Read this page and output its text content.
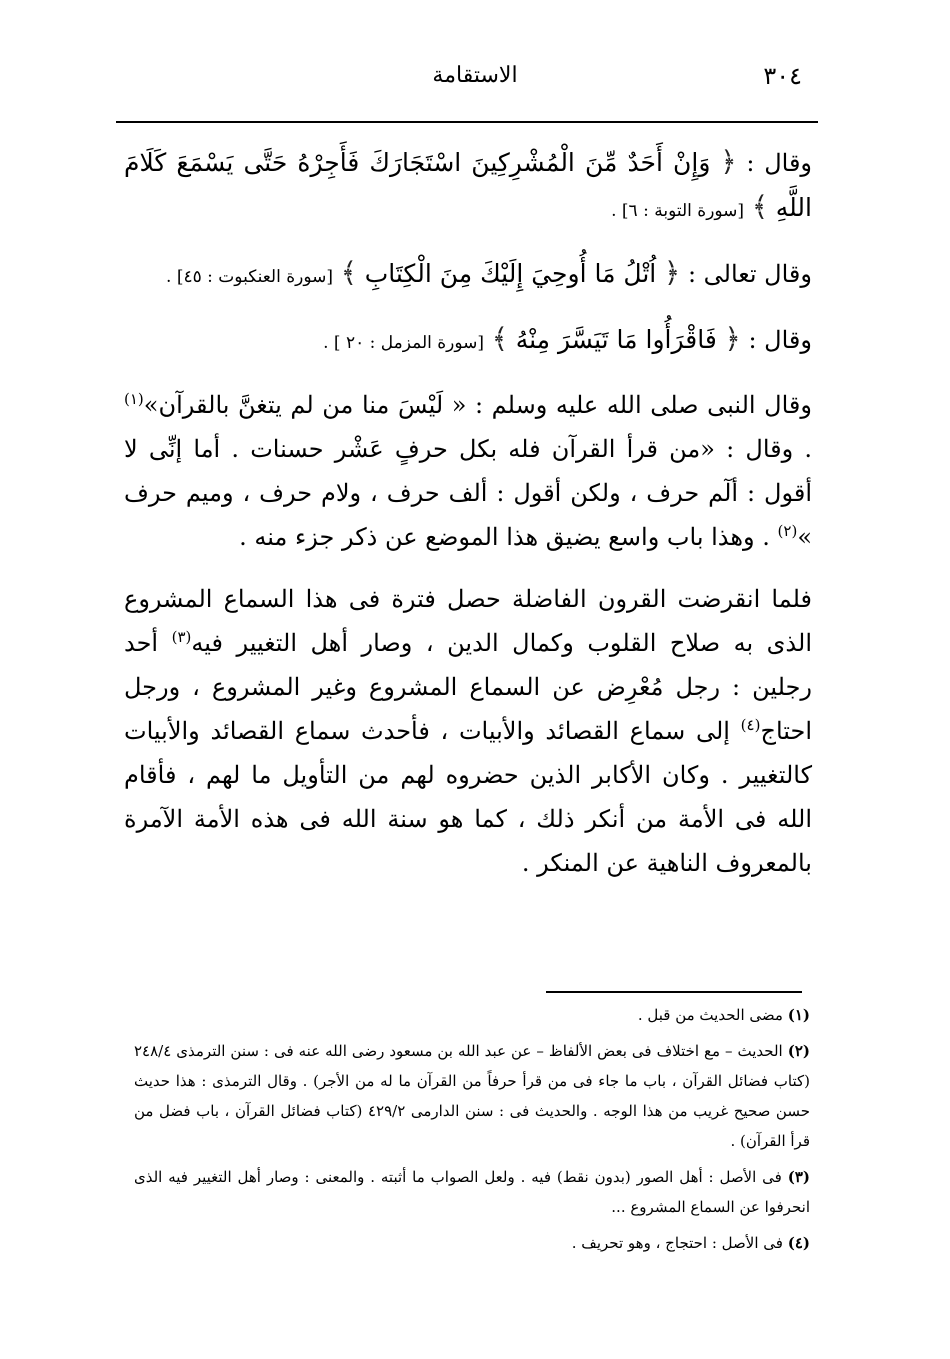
٣٠٤
الاستقامة

وقال : ﴿ وَإِنْ أَحَدٌ مِّنَ الْمُشْرِكِينَ اسْتَجَارَكَ فَأَجِرْهُ حَتَّى يَسْمَعَ كَلَامَ اللَّهِ ﴾ [سورة التوبة : ٦] .

وقال تعالى : ﴿ اُتْلُ مَا أُوحِيَ إِلَيْكَ مِنَ الْكِتَابِ ﴾ [سورة العنكبوت : ٤٥] .

وقال : ﴿ فَاقْرَأُوا مَا تَيَسَّرَ مِنْهُ ﴾ [سورة المزمل : ٢٠ ] .

وقال النبى صلى الله عليه وسلم : « لَيْسَ منا من لم يتغنَّ بالقرآن»$^{(١)}$ . وقال : «من قرأ القرآن فله بكل حرفٍ عَشْر حسنات . أما إنِّى لا أقول : ألٓم حرف ، ولكن أقول : ألف حرف ، ولام حرف ، وميم حرف »$^{(٢)}$ . وهذا باب واسع يضيق هذا الموضع عن ذكر جزء منه .

فلما انقرضت القرون الفاضلة حصل فترة فى هذا السماع المشروع الذى به صلاح القلوب وكمال الدين ، وصار أهل التغيير فيه$^{(٣)}$ أحد رجلين : رجل مُعْرِض عن السماع المشروع وغير المشروع ، ورجل احتاج$^{(٤)}$ إلى سماع القصائد والأبيات ، فأحدث سماع القصائد والأبيات كالتغيير . وكان الأكابر الذين حضروه لهم من التأويل ما لهم ، فأقام الله فى الأمة من أنكر ذلك ، كما هو سنة الله فى هذه الأمة الآمرة بالمعروف الناهية عن المنكر .

(١) مضى الحديث من قبل .

(٢) الحديث – مع اختلاف فى بعض الألفاظ – عن عبد الله بن مسعود رضى الله عنه فى : سنن الترمذى ٢٤٨/٤ (كتاب فضائل القرآن ، باب ما جاء فى من قرأ حرفاً من القرآن ما له من الأجر) . وقال الترمذى : هذا حديث حسن صحيح غريب من هذا الوجه . والحديث فى : سنن الدارمى ٤٢٩/٢ (كتاب فضائل القرآن ، باب فضل من قرأ القرآن) .

(٣) فى الأصل : أهل الصور (بدون نقط) فيه . ولعل الصواب ما أثبته . والمعنى : وصار أهل التغيير فيه الذى انحرفوا عن السماع المشروع ...

(٤) فى الأصل : احتجاج ، وهو تحريف .
